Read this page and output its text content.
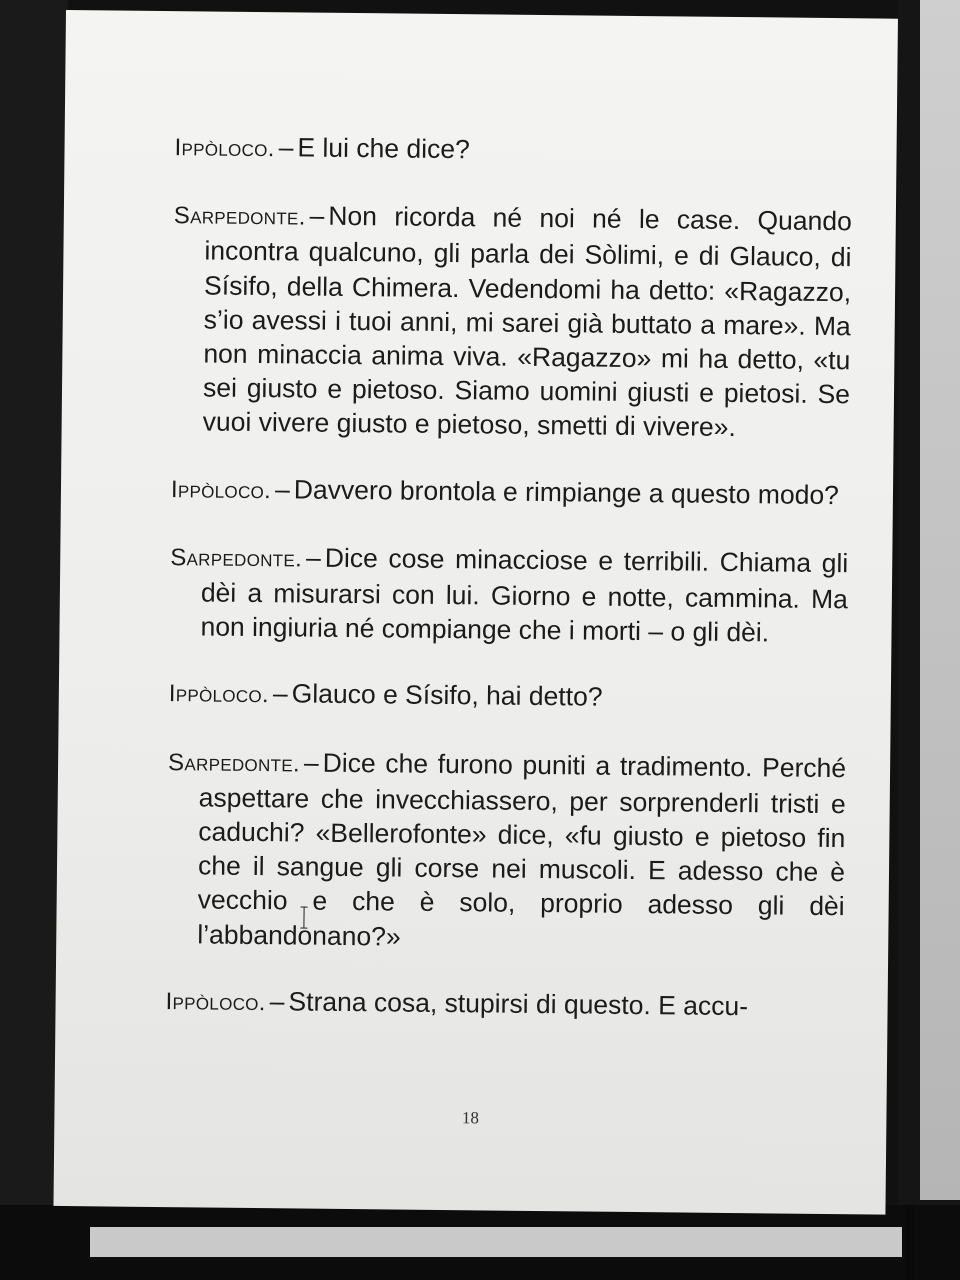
Ippòloco. – E lui che dice?

Sarpedonte. – Non ricorda né noi né le case. Quando incontra qualcuno, gli parla dei Sòlimi, e di Glauco, di Sísifo, della Chimera. Vedendomi ha detto: «Ragazzo, s’io avessi i tuoi anni, mi sarei già buttato a mare». Ma non minaccia anima viva. «Ragazzo» mi ha detto, «tu sei giusto e pietoso. Siamo uomini giusti e pietosi. Se vuoi vivere giusto e pietoso, smetti di vivere».

Ippòloco. – Davvero brontola e rimpiange a questo modo?

Sarpedonte. – Dice cose minacciose e terribili. Chiama gli dèi a misurarsi con lui. Giorno e notte, cammina. Ma non ingiuria né compiange che i morti – o gli dèi.

Ippòloco. – Glauco e Sísifo, hai detto?

Sarpedonte. – Dice che furono puniti a tradimento. Perché aspettare che invecchiassero, per sorprenderli tristi e caduchi? «Bellerofonte» dice, «fu giusto e pietoso fin che il sangue gli corse nei muscoli. E adesso che è vecchio e che è solo, proprio adesso gli dèi l’abbandonano?»

Ippòloco. – Strana cosa, stupirsi di questo. E accu-

18
